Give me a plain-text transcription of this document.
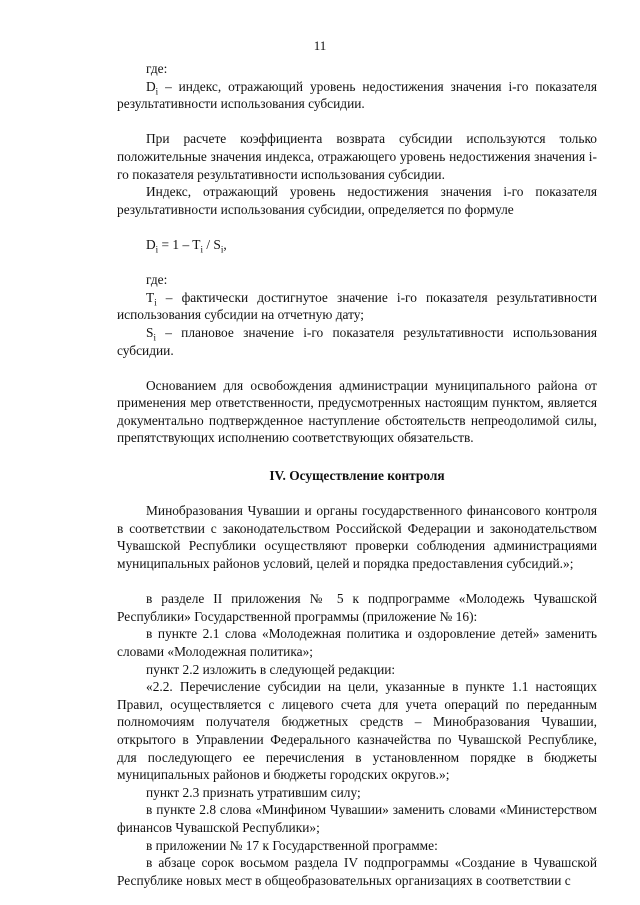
11

где:

$D_i$ – индекс, отражающий уровень недостижения значения i-го показателя результативности использования субсидии.

При расчете коэффициента возврата субсидии используются только положительные значения индекса, отражающего уровень недостижения значения i-го показателя результативности использования субсидии.

Индекс, отражающий уровень недостижения значения i-го показателя результативности использования субсидии, определяется по формуле

$D_i = 1 - T_i / S_i$,

где:

$T_i$ – фактически достигнутое значение i-го показателя результативности использования субсидии на отчетную дату;

$S_i$ – плановое значение i-го показателя результативности использования субсидии.

Основанием для освобождения администрации муниципального района от применения мер ответственности, предусмотренных настоящим пунктом, является документально подтвержденное наступление обстоятельств непреодолимой силы, препятствующих исполнению соответствующих обязательств.

IV. Осуществление контроля

Минобразования Чувашии и органы государственного финансового контроля в соответствии с законодательством Российской Федерации и законодательством Чувашской Республики осуществляют проверки соблюдения администрациями муниципальных районов условий, целей и порядка предоставления субсидий.»;

в разделе II приложения № 5 к подпрограмме «Молодежь Чувашской Республики» Государственной программы (приложение № 16):

в пункте 2.1 слова «Молодежная политика и оздоровление детей» заменить словами «Молодежная политика»;

пункт 2.2 изложить в следующей редакции:

«2.2. Перечисление субсидии на цели, указанные в пункте 1.1 настоящих Правил, осуществляется с лицевого счета для учета операций по переданным полномочиям получателя бюджетных средств – Минобразования Чувашии, открытого в Управлении Федерального казначейства по Чувашской Республике, для последующего ее перечисления в установленном порядке в бюджеты муниципальных районов и бюджеты городских округов.»;

пункт 2.3 признать утратившим силу;

в пункте 2.8 слова «Минфином Чувашии» заменить словами «Министерством финансов Чувашской Республики»;

в приложении № 17 к Государственной программе:

в абзаце сорок восьмом раздела IV подпрограммы «Создание в Чувашской Республике новых мест в общеобразовательных организациях в соответствии с
